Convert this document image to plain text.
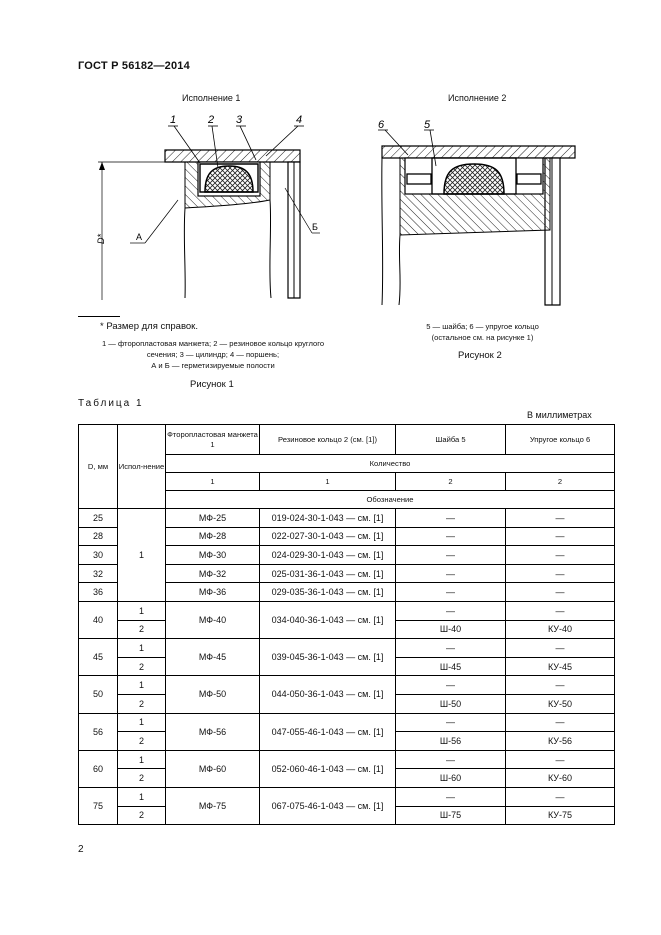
ГОСТ Р 56182—2014
Исполнение 1
1	2 3	4
D*	А
Б
Исполнение 2
6	5
* Размер для справок.
1 — фторопластовая манжета; 2 — резиновое кольцо круглого
сечения; 3 — цилиндр; 4 — поршень;
А и Б — герметизируемые полости
Рисунок 1
5 — шайба; 6 — упругое кольцо
(остальное см. на рисунке 1)
Рисунок 2
Таблица 1
В миллиметрах
D, мм	Испол-нение	Фторопластовая манжета 1	Резиновое кольцо 2 (см. [1])	Шайба 5	Упругое кольцо 6
		Количество			
		1	1	2	2
		Обозначение			
25	1	МФ-25	019-024-30-1-043 — см. [1]	—	—
28		МФ-28	022-027-30-1-043 — см. [1]	—	—
30		МФ-30	024-029-30-1-043 — см. [1]	—	—
32		МФ-32	025-031-36-1-043 — см. [1]	—	—
36		МФ-36	029-035-36-1-043 — см. [1]	—	—
40	1	МФ-40	034-040-36-1-043 — см. [1]	—	—
	2			Ш-40	КУ-40
45	1	МФ-45	039-045-36-1-043 — см. [1]	—	—
	2			Ш-45	КУ-45
50	1	МФ-50	044-050-36-1-043 — см. [1]	—	—
	2			Ш-50	КУ-50
56	1	МФ-56	047-055-46-1-043 — см. [1]	—	—
	2			Ш-56	КУ-56
60	1	МФ-60	052-060-46-1-043 — см. [1]	—	—
	2			Ш-60	КУ-60
75	1	МФ-75	067-075-46-1-043 — см. [1]	—	—
	2			Ш-75	КУ-75
2
